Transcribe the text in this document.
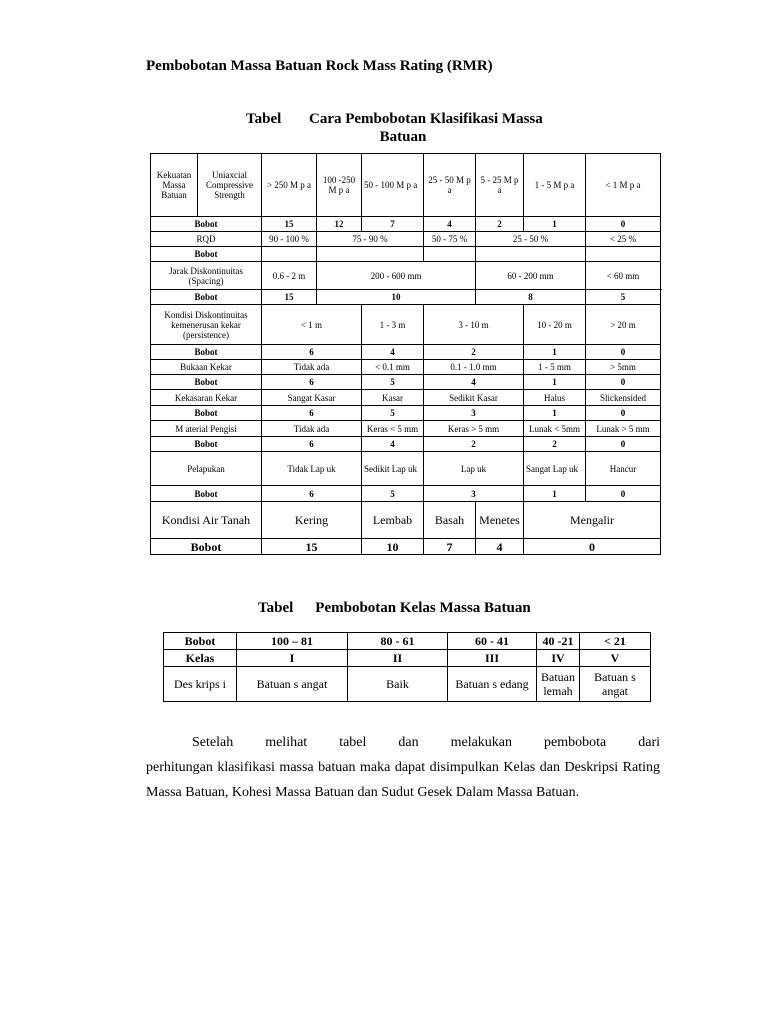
Pembobotan Massa Batuan Rock Mass Rating (RMR)
Tabel Cara Pembobotan Klasifikasi Massa
Batuan
Kekuatan Massa Batuan	Uniaxcial Compressive Strength	> 250 M p a	100 -250 M p a	50 - 100 M p a	25 - 50 M p a	5 - 25 M p a	1 - 5 M p a	< 1 M p a
Bobot		15	12	7	4	2	1	0
RQD		90 - 100 %	75 - 90 %		50 - 75 %	25 - 50 %		< 25 %
Bobot								
Jarak Diskontinuitas (Spacing)		0.6 - 2 m	200 - 600 mm			60 - 200 mm		< 60 mm
Bobot		15	10			8		5
Kondisi Diskontinuitas kemenerusan kekar (persistence)		< 1 m		1 - 3 m	3 - 10 m		10 - 20 m	> 20 m
Bobot		6		4	2		1	0
Bukaan Kekar		Tidak ada		< 0.1 mm	0.1 - 1.0 mm		1 - 5 mm	> 5mm
Bobot		6		5	4		1	0
Kekasaran Kekar		Sangat Kasar		Kasar	Sedikit Kasar		Halus	Slickensided
Bobot		6		5	3		1	0
M aterial Pengisi		Tidak ada		Keras < 5 mm	Keras > 5 mm		Lunak < 5mm	Lunak > 5 mm
Bobot		6		4	2		2	0
Pelapukan		Tidak Lap uk		Sedikit Lap uk	Lap uk		Sangat Lap uk	Hancur
Bobot		6		5	3		1	0
Kondisi Air Tanah		Kering		Lembab	Basah	Menetes	Mengalir	
Bobot		15		10	7	4	0	
Tabel Pembobotan Kelas Massa Batuan
Bobot	100 – 81	80 - 61	60 - 41	40 -21	< 21
Kelas	I	II	III	IV	V
Des krips i	Batuan s angat	Baik	Batuan s edang	Batuan lemah	Batuan s angat
Setelah melihat tabel dan melakukan pembobota dari
perhitungan klasifikasi massa batuan maka dapat disimpulkan Kelas dan Deskripsi Rating Massa Batuan, Kohesi Massa Batuan dan Sudut Gesek Dalam Massa Batuan.
